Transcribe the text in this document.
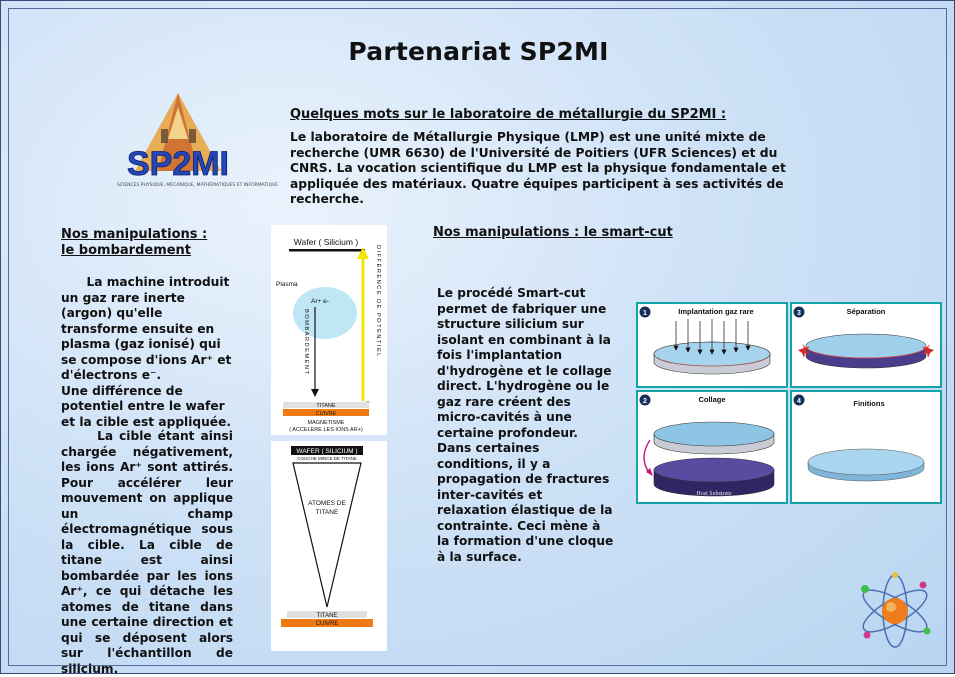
Partenariat SP2MI
SP2MI
SCIENCES PHYSIQUE, MÉCANIQUE, MATHÉMATIQUES ET INFORMATIQUE
Quelques mots sur le laboratoire de métallurgie du SP2MI :
Le laboratoire de Métallurgie Physique (LMP) est une unité mixte de recherche (UMR 6630) de l'Université de Poitiers (UFR Sciences) et du CNRS. La vocation scientifique du LMP est la physique fondamentale et appliquée des matériaux. Quatre équipes participent à ses activités de recherche.
Nos manipulations :
le bombardement

La machine introduit un gaz rare inerte (argon) qu'elle transforme ensuite en plasma (gaz ionisé) qui se compose d'ions Ar⁺ et d'électrons e⁻.

Une différence de potentiel entre le wafer et la cible est appliquée.

La cible étant ainsi chargée négativement, les ions Ar⁺ sont attirés. Pour accélérer leur mouvement on applique un champ électromagnétique sous la cible. La cible de titane est ainsi bombardée par les ions Ar⁺, ce qui détache les atomes de titane dans une certaine direction et qui se déposent alors sur l'échantillon de silicium.

Wafer ( Silicium )
Plasma
Ar+ e-
BOMBARDEMENT	DIFFÉRENCE DE POTENTIEL
TITANE
CUIVRE
MAGNETISME
( ACCELERE LES IONS AR+)
WAFER ( SILICIUM )
COUCHE MINCE DE TITANE
ATOMES DE
TITANE
TITANE
CUIVRE
Nos manipulations : le smart-cut
Le procédé Smart-cut permet de fabriquer une structure silicium sur isolant en combinant à la fois l'implantation d'hydrogène et le collage direct. L'hydrogène ou le gaz rare créent des micro-cavités à une certaine profondeur. Dans certaines conditions, il y a propagation de fractures inter-cavités et relaxation élastique de la contrainte. Ceci mène à la formation d'une cloque à la surface.
1	Implantation gaz rare	3	Séparation
2	Collage
Host Substrate
4	Finitions
